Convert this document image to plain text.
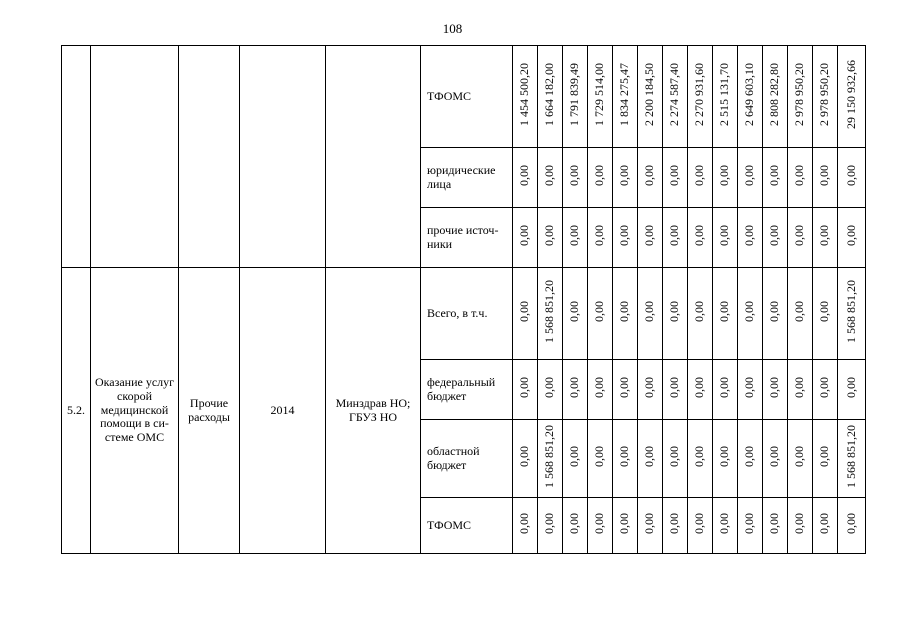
108
					ТФОМС	1 454 500,20	1 664 182,00	1 791 839,49	1 729 514,00	1 834 275,47	2 200 184,50	2 274 587,40	2 270 931,60	2 515 131,70	2 649 603,10	2 808 282,80	2 978 950,20	2 978 950,20	29 150 932,66
					юридические лица	0,00	0,00	0,00	0,00	0,00	0,00	0,00	0,00	0,00	0,00	0,00	0,00	0,00	0,00
					прочие источ-ники	0,00	0,00	0,00	0,00	0,00	0,00	0,00	0,00	0,00	0,00	0,00	0,00	0,00	0,00
5.2.	Оказание услуг скорой медицинской помощи в си-стеме ОМС	Прочие расходы	2014	Минздрав НО; ГБУЗ НО	Всего, в т.ч.	0,00	1 568 851,20	0,00	0,00	0,00	0,00	0,00	0,00	0,00	0,00	0,00	0,00	0,00	1 568 851,20
					федеральный бюджет	0,00	0,00	0,00	0,00	0,00	0,00	0,00	0,00	0,00	0,00	0,00	0,00	0,00	0,00
					областной бюджет	0,00	1 568 851,20	0,00	0,00	0,00	0,00	0,00	0,00	0,00	0,00	0,00	0,00	0,00	1 568 851,20
					ТФОМС	0,00	0,00	0,00	0,00	0,00	0,00	0,00	0,00	0,00	0,00	0,00	0,00	0,00	0,00
